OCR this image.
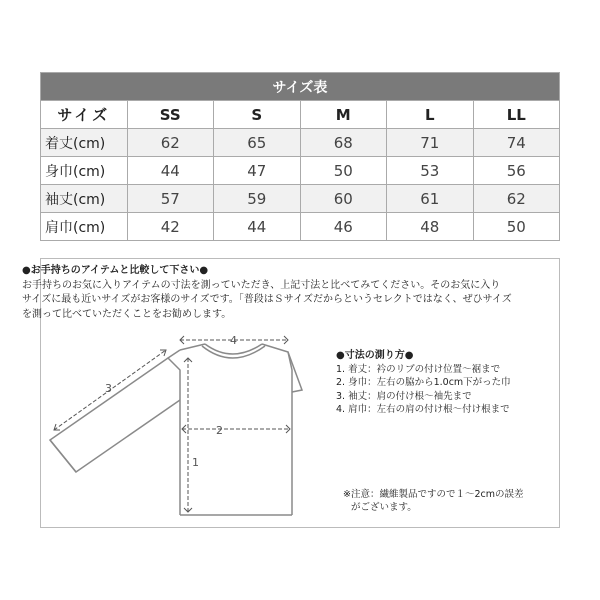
サイズ表					
サイズ	SS	S	M	L	LL
着丈(cm)	62	65	68	71	74
身巾(cm)	44	47	50	53	56
袖丈(cm)	57	59	60	61	62
肩巾(cm)	42	44	46	48	50
●お手持ちのアイテムと比較して下さい●
お手持ちのお気に入りアイテムの寸法を測っていただき、上記寸法と比べてみてください。そのお気に入り
サイズに最も近いサイズがお客様のサイズです。「普段はＳサイズだからというセレクトではなく、ぜひサイズ
を測って比べていただくことをお勧めします。
4
3
2
1
●寸法の測り方●
1. 着丈：衿のリブの付け位置〜裾まで
2. 身巾：左右の脇から1.0cm下がった巾
3. 袖丈：肩の付け根〜袖先まで
4. 肩巾：左右の肩の付け根〜付け根まで
※注意：繊維製品ですので１〜2cmの誤差
がございます。
